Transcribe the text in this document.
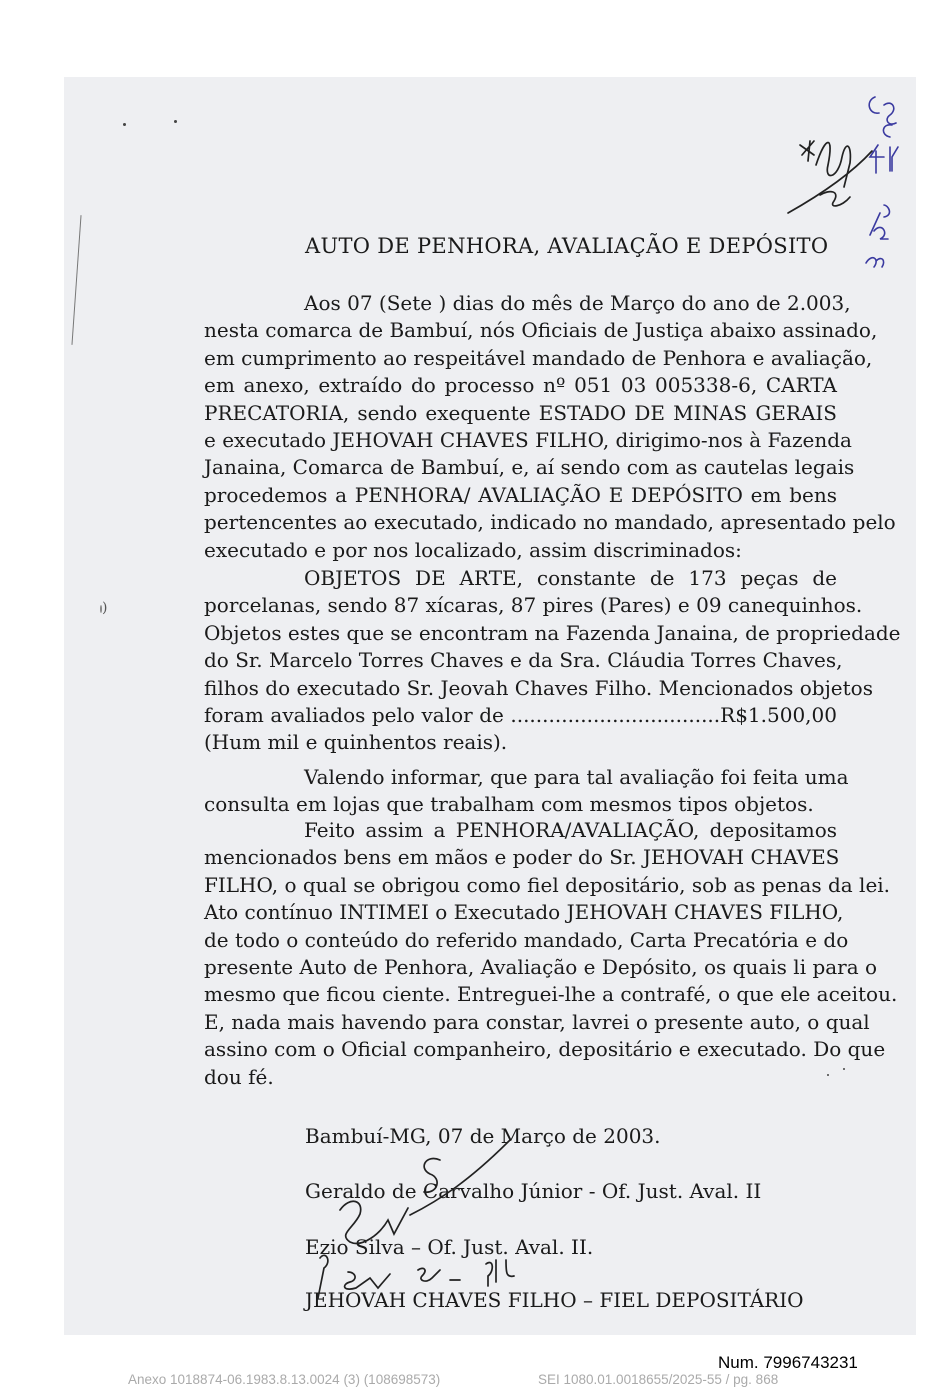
)
AUTO DE PENHORA, AVALIAÇÃO E DEPÓSITO
Aos 07 (Sete ) dias do mês de Março do ano de 2.003,
nesta comarca de Bambuí, nós Oficiais de Justiça abaixo assinado,
em cumprimento ao respeitável mandado de Penhora e avaliação,
em anexo, extraído do processo nº 051 03 005338-6, CARTA
PRECATORIA, sendo exequente ESTADO DE MINAS GERAIS
e executado JEHOVAH CHAVES FILHO, dirigimo-nos à Fazenda
Janaina, Comarca de Bambuí, e, aí sendo com as cautelas legais
procedemos a PENHORA/ AVALIAÇÃO E DEPÓSITO em bens
pertencentes ao executado, indicado no mandado, apresentado pelo
executado e por nos localizado, assim discriminados:
OBJETOS DE ARTE, constante de 173 peças de
porcelanas, sendo 87 xícaras, 87 pires (Pares) e 09 canequinhos.
Objetos estes que se encontram na Fazenda Janaina, de propriedade
do Sr. Marcelo Torres Chaves e da Sra. Cláudia Torres Chaves,
filhos do executado Sr. Jeovah Chaves Filho. Mencionados objetos
foram avaliados pelo valor de .................................R$1.500,00
(Hum mil e quinhentos reais).
Valendo informar, que para tal avaliação foi feita uma
consulta em lojas que trabalham com mesmos tipos objetos.
Feito assim a PENHORA/AVALIAÇÃO, depositamos
mencionados bens em mãos e poder do Sr. JEHOVAH CHAVES
FILHO, o qual se obrigou como fiel depositário, sob as penas da lei.
Ato contínuo INTIMEI o Executado JEHOVAH CHAVES FILHO,
de todo o conteúdo do referido mandado, Carta Precatória e do
presente Auto de Penhora, Avaliação e Depósito, os quais li para o
mesmo que ficou ciente. Entreguei-lhe a contrafé, o que ele aceitou.
E, nada mais havendo para constar, lavrei o presente auto, o qual
assino com o Oficial companheiro, depositário e executado. Do que
dou fé.
Bambuí-MG, 07 de Março de 2003.
Geraldo de Carvalho Júnior - Of. Just. Aval. II
Ezio Silva – Of. Just. Aval. II.
JEHOVAH CHAVES FILHO – FIEL DEPOSITÁRIO
Num. 7996743231
Anexo 1018874-06.1983.8.13.0024 (3) (108698573)	SEI 1080.01.0018655/2025-55 / pg. 868
